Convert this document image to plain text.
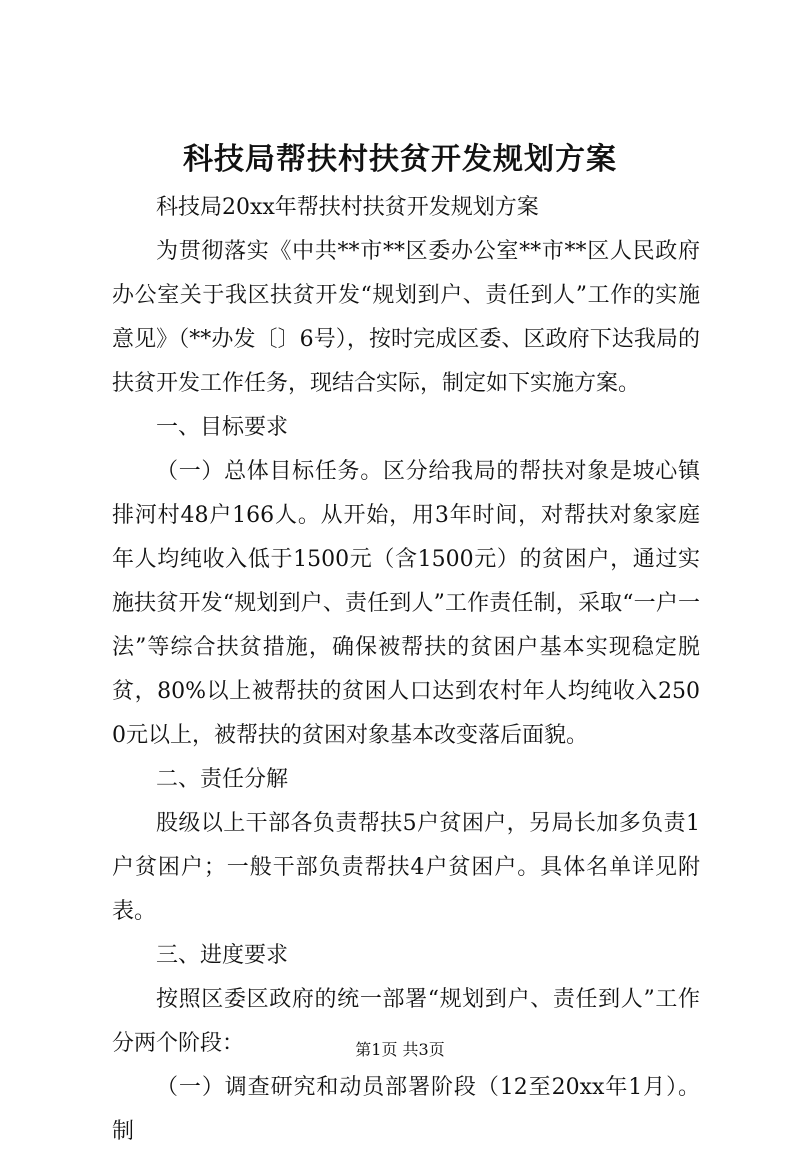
科技局帮扶村扶贫开发规划方案

科技局20xx年帮扶村扶贫开发规划方案

为贯彻落实《中共**市**区委办公室**市**区人民政府办公室关于我区扶贫开发“规划到户、责任到人”工作的实施意见》（**办发〔〕6号），按时完成区委、区政府下达我局的扶贫开发工作任务，现结合实际，制定如下实施方案。

一、目标要求

（一）总体目标任务。区分给我局的帮扶对象是坡心镇排河村48户166人。从开始，用3年时间，对帮扶对象家庭年人均纯收入低于1500元（含1500元）的贫困户，通过实施扶贫开发“规划到户、责任到人”工作责任制，采取“一户一法”等综合扶贫措施，确保被帮扶的贫困户基本实现稳定脱贫，80%以上被帮扶的贫困人口达到农村年人均纯收入2500元以上，被帮扶的贫困对象基本改变落后面貌。

二、责任分解

股级以上干部各负责帮扶5户贫困户，另局长加多负责1户贫困户；一般干部负责帮扶4户贫困户。具体名单详见附表。

三、进度要求

按照区委区政府的统一部署“规划到户、责任到人”工作分两个阶段：

（一）调查研究和动员部署阶段（12至20xx年1月）。制

第1页 共3页
